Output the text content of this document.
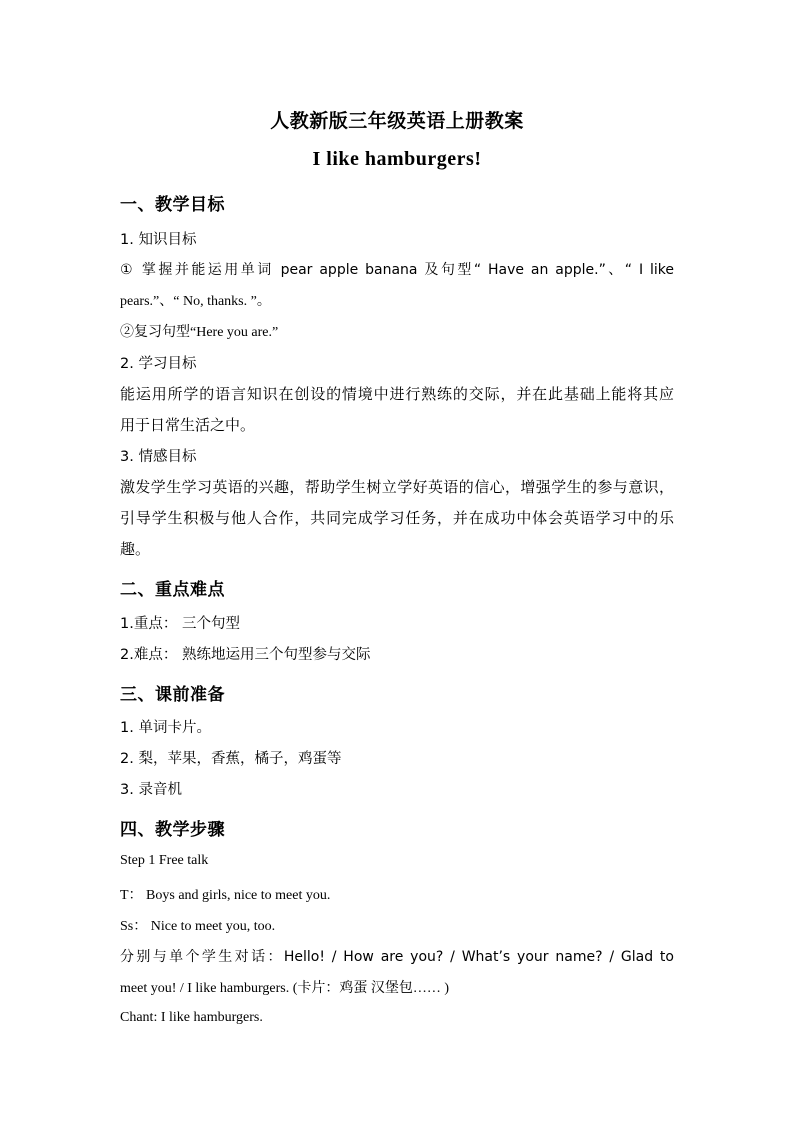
人教新版三年级英语上册教案
I like hamburgers!
一、教学目标
1. 知识目标
① 掌握并能运用单词 pear apple banana 及句型“ Have an apple.”、“ I like
pears.”、“ No, thanks. ”。
②复习句型“Here you are.”
2. 学习目标
能运用所学的语言知识在创设的情境中进行熟练的交际，并在此基础上能将其应
用于日常生活之中。
3. 情感目标
激发学生学习英语的兴趣，帮助学生树立学好英语的信心，增强学生的参与意识，
引导学生积极与他人合作，共同完成学习任务，并在成功中体会英语学习中的乐
趣。
二、重点难点
1.重点： 三个句型
2.难点： 熟练地运用三个句型参与交际
三、课前准备
1. 单词卡片。
2. 梨，苹果，香蕉，橘子，鸡蛋等
3. 录音机
四、教学步骤
Step 1 Free talk
T： Boys and girls, nice to meet you.
Ss： Nice to meet you, too.
分别与单个学生对话：Hello! / How are you? / What’s your name? / Glad to
meet you! / I like hamburgers. (卡片：鸡蛋 汉堡包…… )
Chant: I like hamburgers.
